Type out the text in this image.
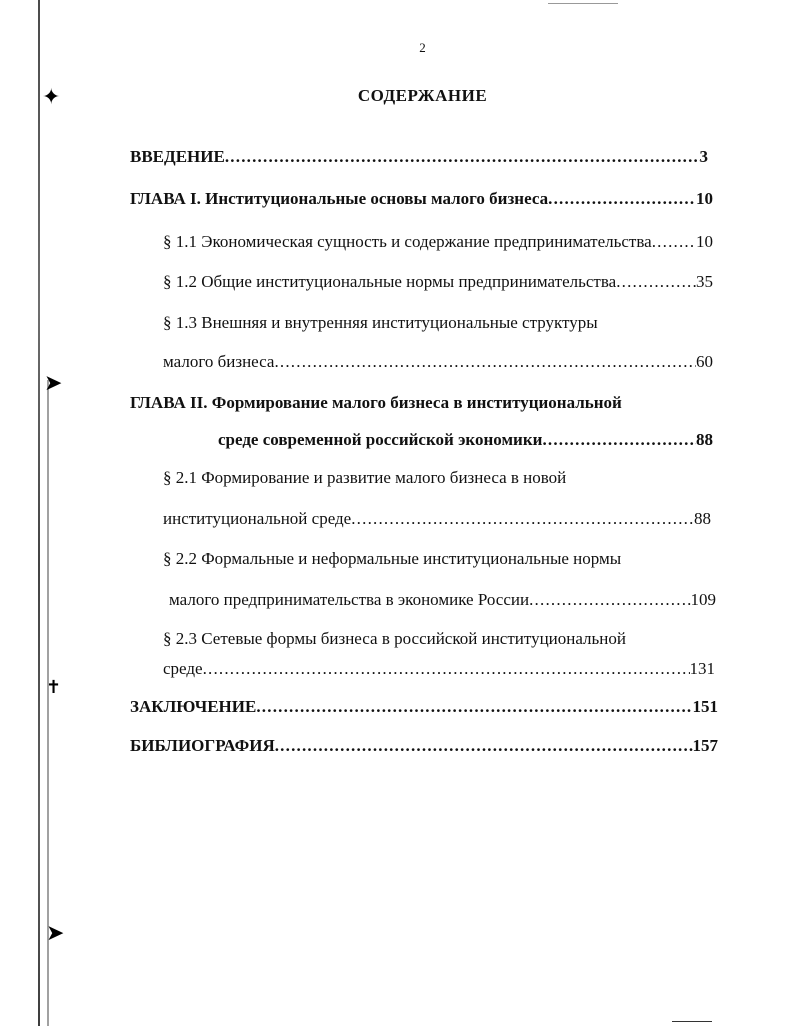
✦
➤
✝
➤
2
СОДЕРЖАНИЕ
ВВЕДЕНИЕ .....	3
ГЛАВА I. Институциональные основы малого бизнеса .....	10
§ 1.1 Экономическая сущность и содержание предпринимательства .....	10
§ 1.2 Общие институциональные нормы предпринимательства .....	35
§ 1.3 Внешняя и внутренняя институциональные структуры
малого бизнеса .....	60
ГЛАВА II. Формирование малого бизнеса в институциональной
среде современной российской экономики .....	88
§ 2.1 Формирование и развитие малого бизнеса в новой
институциональной среде .....	88
§ 2.2 Формальные и неформальные институциональные нормы
малого предпринимательства в экономике России .....	109
§ 2.3 Сетевые формы бизнеса в российской институциональной
среде .....	131
ЗАКЛЮЧЕНИЕ .....	151
БИБЛИОГРАФИЯ .....	157
